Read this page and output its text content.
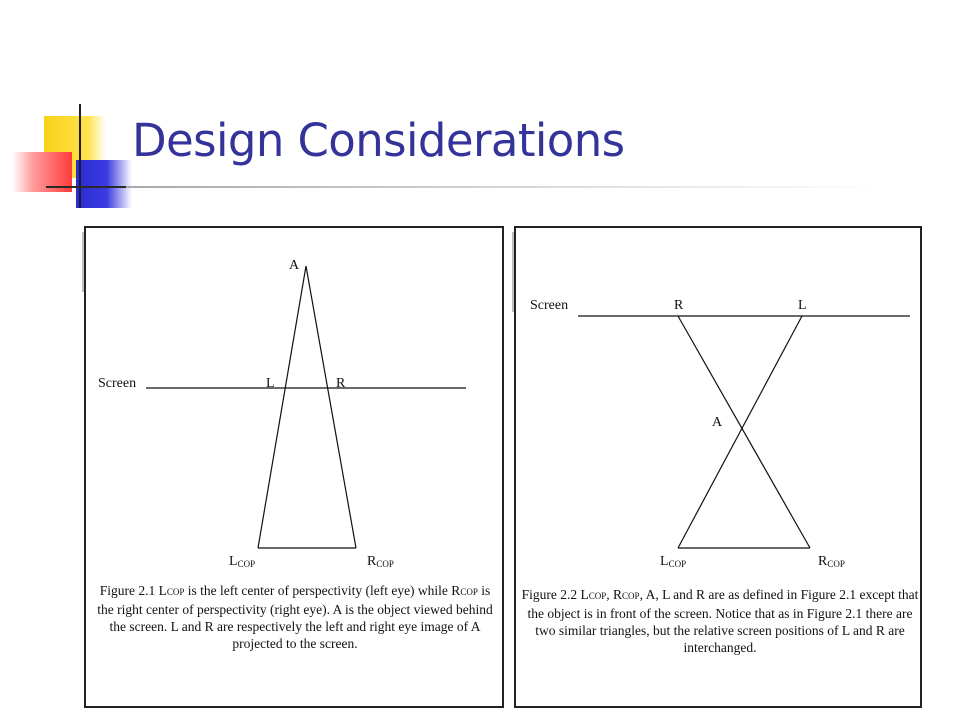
Design Considerations
A
Screen	L	R
LCOP	RCOP

Figure 2.1 LCOP is the left center of perspectivity (left eye) while RCOP is the right center of perspectivity (right eye). A is the object viewed behind the screen. L and R are respectively the left and right eye image of A projected to the screen.

Screen	R	L
A
LCOP	RCOP

Figure 2.2 LCOP, RCOP, A, L and R are as defined in Figure 2.1 except that the object is in front of the screen. Notice that as in Figure 2.1 there are two similar triangles, but the relative screen positions of L and R are interchanged.
